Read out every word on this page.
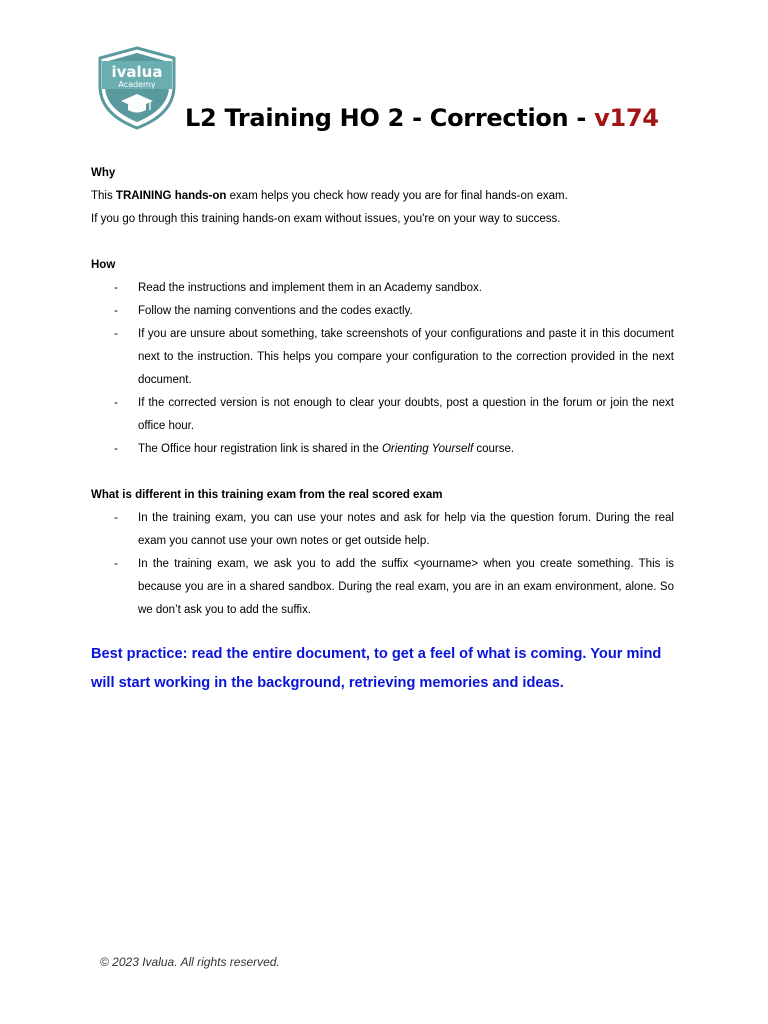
ivalua
Academy
L2 Training HO 2 - Correction - v174
Why

This TRAINING hands-on exam helps you check how ready you are for final hands-on exam.

If you go through this training hands-on exam without issues, you're on your way to success.

How
- Read the instructions and implement them in an Academy sandbox.
- Follow the naming conventions and the codes exactly.
- If you are unsure about something, take screenshots of your configurations and paste it in this document next to the instruction. This helps you compare your configuration to the correction provided in the next document.
- If the corrected version is not enough to clear your doubts, post a question in the forum or join the next office hour.
- The Office hour registration link is shared in the Orienting Yourself course.
What is different in this training exam from the real scored exam
- In the training exam, you can use your notes and ask for help via the question forum. During the real exam you cannot use your own notes or get outside help.
- In the training exam, we ask you to add the suffix <yourname> when you create something. This is because you are in a shared sandbox. During the real exam, you are in an exam environment, alone. So we don’t ask you to add the suffix.
Best practice: read the entire document, to get a feel of what is coming. Your mind will start working in the background, retrieving memories and ideas.
© 2023 Ivalua. All rights reserved.
